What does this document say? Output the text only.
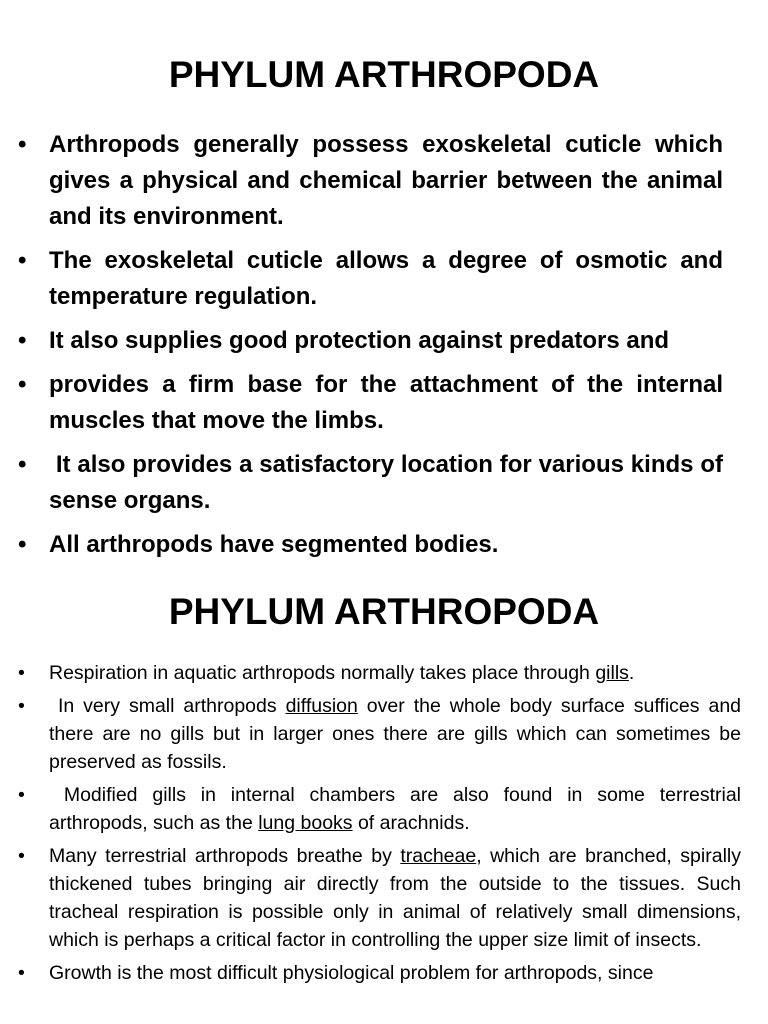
PHYLUM ARTHROPODA
• Arthropods generally possess exoskeletal cuticle which gives a physical and chemical barrier between the animal and its environment.
• The exoskeletal cuticle allows a degree of osmotic and temperature regulation.
• It also supplies good protection against predators and
• provides a firm base for the attachment of the internal muscles that move the limbs.
•  It also provides a satisfactory location for various kinds of sense organs.
• All arthropods have segmented bodies.
PHYLUM ARTHROPODA
• Respiration in aquatic arthropods normally takes place through gills.
•  In very small arthropods diffusion over the whole body surface suffices and there are no gills but in larger ones there are gills which can sometimes be preserved as fossils.
•  Modified gills in internal chambers are also found in some terrestrial arthropods, such as the lung books of arachnids.
• Many terrestrial arthropods breathe by tracheae, which are branched, spirally thickened tubes bringing air directly from the outside to the tissues. Such tracheal respiration is possible only in animal of relatively small dimensions, which is perhaps a critical factor in controlling the upper size limit of insects.
• Growth is the most difficult physiological problem for arthropods, since
